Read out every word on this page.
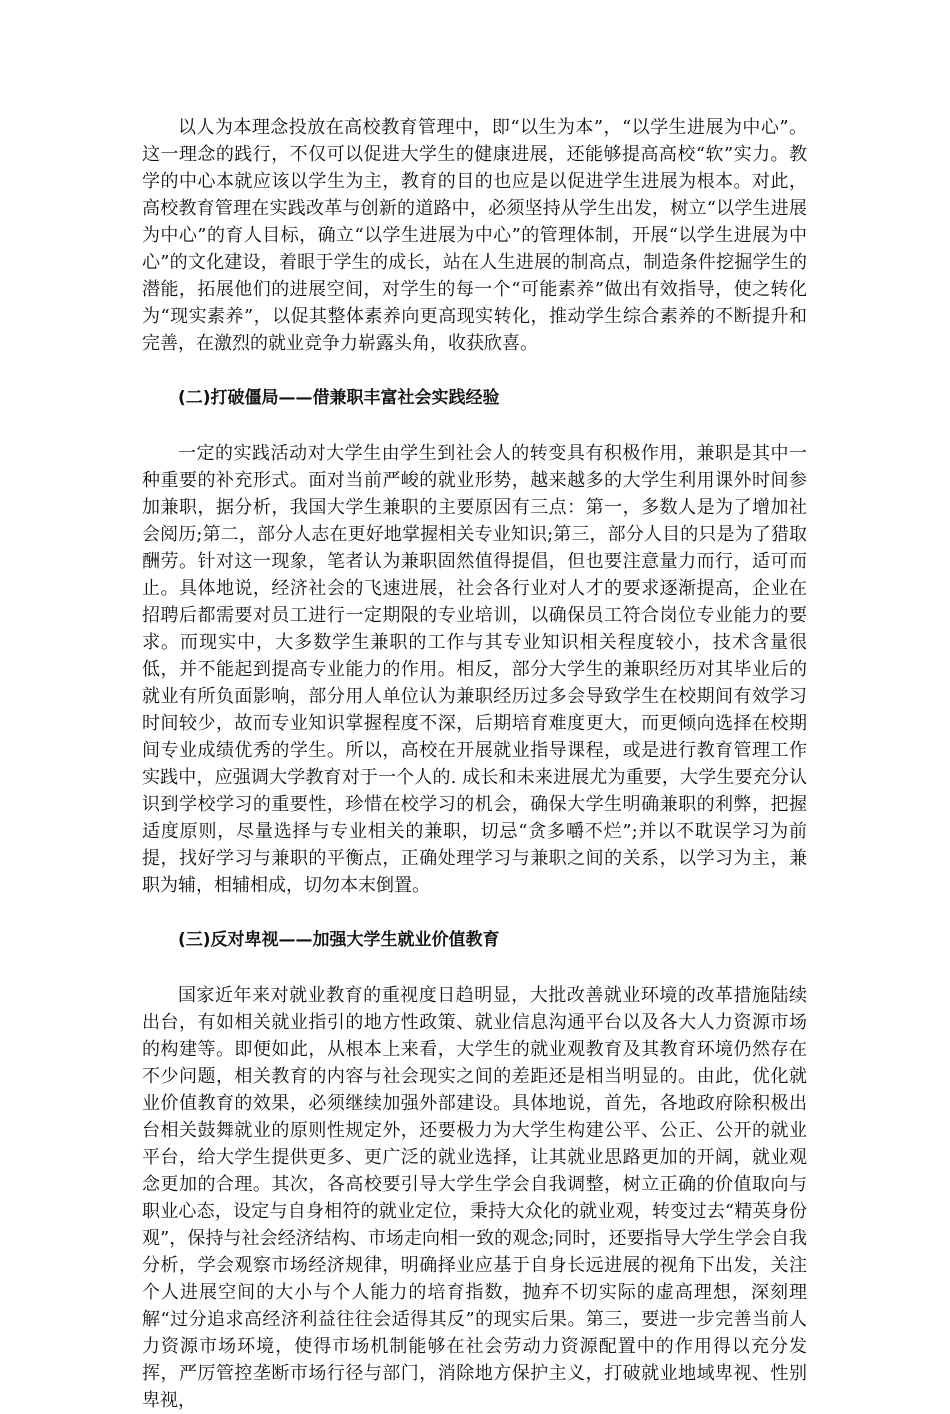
以人为本理念投放在高校教育管理中，即“以生为本”，“以学生进展为中心”。这一理念的践行，不仅可以促进大学生的健康进展，还能够提高高校“软”实力。教学的中心本就应该以学生为主，教育的目的也应是以促进学生进展为根本。对此，高校教育管理在实践改革与创新的道路中，必须坚持从学生出发，树立“以学生进展为中心”的育人目标，确立“以学生进展为中心”的管理体制，开展“以学生进展为中心”的文化建设，着眼于学生的成长，站在人生进展的制高点，制造条件挖掘学生的潜能，拓展他们的进展空间，对学生的每一个“可能素养”做出有效指导，使之转化为“现实素养”，以促其整体素养向更高现实转化，推动学生综合素养的不断提升和完善，在激烈的就业竞争力崭露头角，收获欣喜。

(二)打破僵局——借兼职丰富社会实践经验

一定的实践活动对大学生由学生到社会人的转变具有积极作用，兼职是其中一种重要的补充形式。面对当前严峻的就业形势，越来越多的大学生利用课外时间参加兼职，据分析，我国大学生兼职的主要原因有三点：第一，多数人是为了增加社会阅历;第二，部分人志在更好地掌握相关专业知识;第三，部分人目的只是为了猎取酬劳。针对这一现象，笔者认为兼职固然值得提倡，但也要注意量力而行，适可而止。具体地说，经济社会的飞速进展，社会各行业对人才的要求逐渐提高，企业在招聘后都需要对员工进行一定期限的专业培训，以确保员工符合岗位专业能力的要求。而现实中，大多数学生兼职的工作与其专业知识相关程度较小，技术含量很低，并不能起到提高专业能力的作用。相反，部分大学生的兼职经历对其毕业后的就业有所负面影响，部分用人单位认为兼职经历过多会导致学生在校期间有效学习时间较少，故而专业知识掌握程度不深，后期培育难度更大，而更倾向选择在校期间专业成绩优秀的学生。所以，高校在开展就业指导课程，或是进行教育管理工作实践中，应强调大学教育对于一个人的. 成长和未来进展尤为重要，大学生要充分认识到学校学习的重要性，珍惜在校学习的机会，确保大学生明确兼职的利弊，把握适度原则，尽量选择与专业相关的兼职，切忌“贪多嚼不烂”;并以不耽误学习为前提，找好学习与兼职的平衡点，正确处理学习与兼职之间的关系，以学习为主，兼职为辅，相辅相成，切勿本末倒置。

(三)反对卑视——加强大学生就业价值教育

国家近年来对就业教育的重视度日趋明显，大批改善就业环境的改革措施陆续出台，有如相关就业指引的地方性政策、就业信息沟通平台以及各大人力资源市场的构建等。即便如此，从根本上来看，大学生的就业观教育及其教育环境仍然存在不少问题，相关教育的内容与社会现实之间的差距还是相当明显的。由此，优化就业价值教育的效果，必须继续加强外部建设。具体地说，首先，各地政府除积极出台相关鼓舞就业的原则性规定外，还要极力为大学生构建公平、公正、公开的就业平台，给大学生提供更多、更广泛的就业选择，让其就业思路更加的开阔，就业观念更加的合理。其次，各高校要引导大学生学会自我调整，树立正确的价值取向与职业心态，设定与自身相符的就业定位，秉持大众化的就业观，转变过去“精英身份观”，保持与社会经济结构、市场走向相一致的观念;同时，还要指导大学生学会自我分析，学会观察市场经济规律，明确择业应基于自身长远进展的视角下出发，关注个人进展空间的大小与个人能力的培育指数，抛弃不切实际的虚高理想，深刻理解“过分追求高经济利益往往会适得其反”的现实后果。第三，要进一步完善当前人力资源市场环境，使得市场机制能够在社会劳动力资源配置中的作用得以充分发挥，严厉管控垄断市场行径与部门，消除地方保护主义，打破就业地域卑视、性别卑视，
